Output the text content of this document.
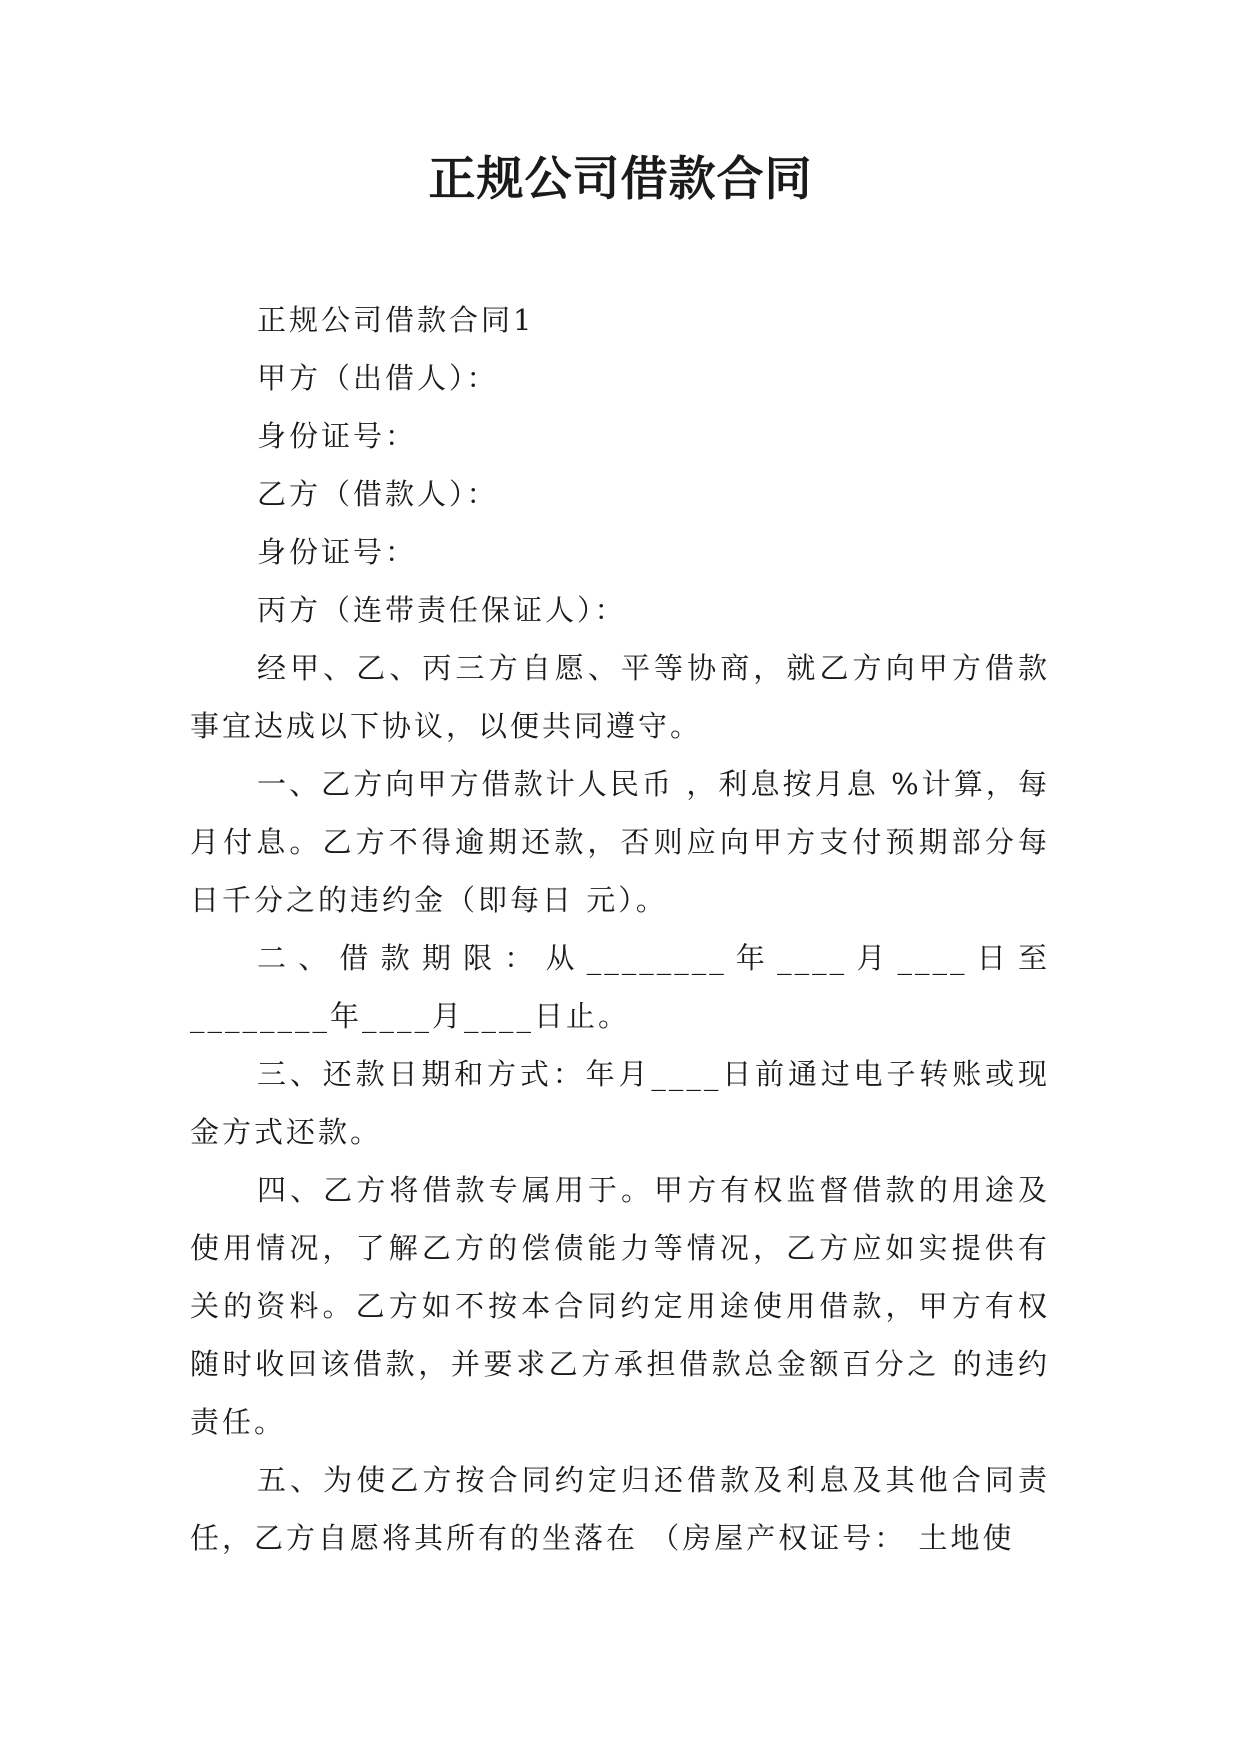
正规公司借款合同

正规公司借款合同1

甲方（出借人）：

身份证号：

乙方（借款人）：

身份证号：

丙方（连带责任保证人）：

经甲、乙、丙三方自愿、平等协商，就乙方向甲方借款事宜达成以下协议，以便共同遵守。

一、乙方向甲方借款计人民币 ，利息按月息 %计算，每月付息。乙方不得逾期还款，否则应向甲方支付预期部分每日千分之的违约金（即每日 元）。

二、借款期限：从________年____月____日至________年____月____日止。

三、还款日期和方式：年月____日前通过电子转账或现金方式还款。

四、乙方将借款专属用于。甲方有权监督借款的用途及使用情况，了解乙方的偿债能力等情况，乙方应如实提供有关的资料。乙方如不按本合同约定用途使用借款，甲方有权随时收回该借款，并要求乙方承担借款总金额百分之 的违约责任。

五、为使乙方按合同约定归还借款及利息及其他合同责任，乙方自愿将其所有的坐落在 （房屋产权证号： 土地使
